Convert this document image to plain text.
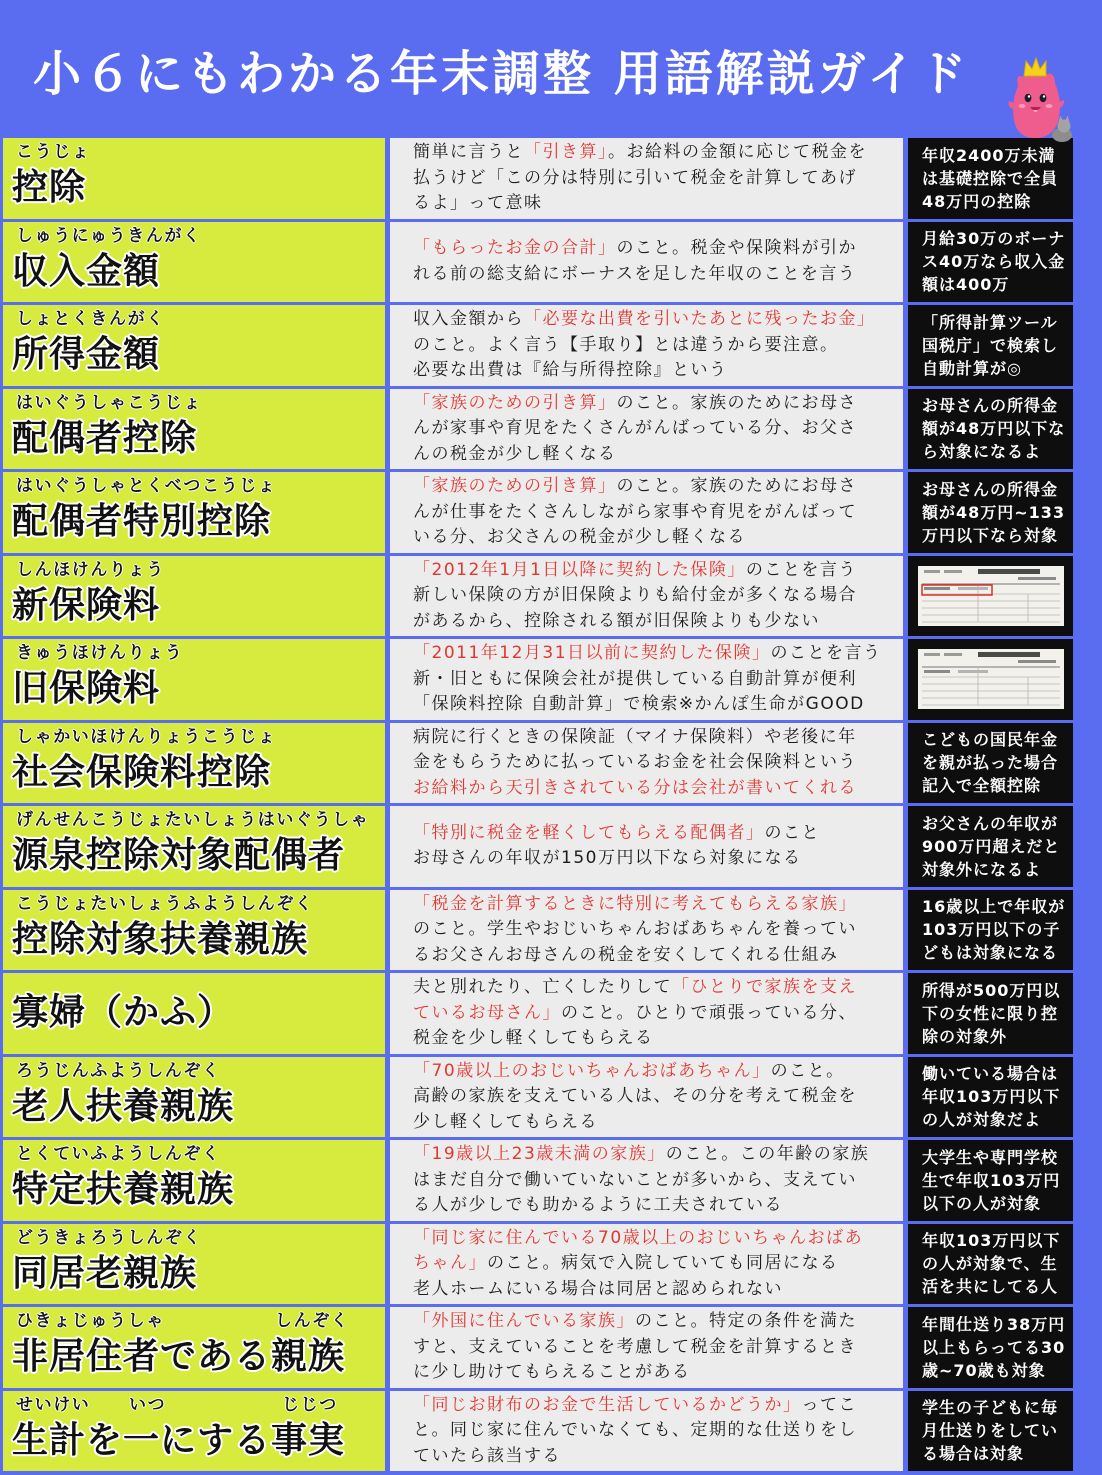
小６にもわかる年末調整 用語解説ガイド
こうじょ
控除
簡単に言うと「引き算」。お給料の金額に応じて税金を
払うけど「この分は特別に引いて税金を計算してあげ
るよ」って意味
年収2400万未満
は基礎控除で全員
48万円の控除
しゅうにゅうきんがく
収入金額
「もらったお金の合計」のこと。税金や保険料が引か
れる前の総支給にボーナスを足した年収のことを言う
月給30万のボーナ
ス40万なら収入金
額は400万
しょとくきんがく
所得金額
収入金額から「必要な出費を引いたあとに残ったお金」
のこと。よく言う【手取り】とは違うから要注意。
必要な出費は『給与所得控除』という
「所得計算ツール
国税庁」で検索し
自動計算が◎
はいぐうしゃこうじょ
配偶者控除
「家族のための引き算」のこと。家族のためにお母さ
んが家事や育児をたくさんがんばっている分、お父さ
んの税金が少し軽くなる
お母さんの所得金
額が48万円以下な
ら対象になるよ
はいぐうしゃとくべつこうじょ
配偶者特別控除
「家族のための引き算」のこと。家族のためにお母さ
んが仕事をたくさんしながら家事や育児をがんばって
いる分、お父さんの税金が少し軽くなる
お母さんの所得金
額が48万円~133
万円以下なら対象
しんほけんりょう
新保険料
「2012年1月1日以降に契約した保険」のことを言う
新しい保険の方が旧保険よりも給付金が多くなる場合
があるから、控除される額が旧保険よりも少ない
きゅうほけんりょう
旧保険料
「2011年12月31日以前に契約した保険」のことを言う
新・旧ともに保険会社が提供している自動計算が便利
「保険料控除 自動計算」で検索※かんぽ生命がGOOD
しゃかいほけんりょうこうじょ
社会保険料控除
病院に行くときの保険証（マイナ保険料）や老後に年
金をもらうために払っているお金を社会保険料という
お給料から天引きされている分は会社が書いてくれる
こどもの国民年金
を親が払った場合
記入で全額控除
げんせんこうじょたいしょうはいぐうしゃ
源泉控除対象配偶者
「特別に税金を軽くしてもらえる配偶者」のこと
お母さんの年収が150万円以下なら対象になる
お父さんの年収が
900万円超えだと
対象外になるよ
こうじょたいしょうふようしんぞく
控除対象扶養親族
「税金を計算するときに特別に考えてもらえる家族」
のこと。学生やおじいちゃんおばあちゃんを養ってい
るお父さんお母さんの税金を安くしてくれる仕組み
16歳以上で年収が
103万円以下の子
どもは対象になる
寡婦（かふ）
夫と別れたり、亡くしたりして「ひとりで家族を支え
ているお母さん」のこと。ひとりで頑張っている分、
税金を少し軽くしてもらえる
所得が500万円以
下の女性に限り控
除の対象外
ろうじんふようしんぞく
老人扶養親族
「70歳以上のおじいちゃんおばあちゃん」のこと。
高齢の家族を支えている人は、その分を考えて税金を
少し軽くしてもらえる
働いている場合は
年収103万円以下
の人が対象だよ
とくていふようしんぞく
特定扶養親族
「19歳以上23歳未満の家族」のこと。この年齢の家族
はまだ自分で働いていないことが多いから、支えてい
る人が少しでも助かるように工夫されている
大学生や専門学校
生で年収103万円
以下の人が対象
どうきょろうしんぞく
同居老親族
「同じ家に住んでいる70歳以上のおじいちゃんおばあ
ちゃん」のこと。病気で入院していても同居になる
老人ホームにいる場合は同居と認められない
年収103万円以下
の人が対象で、生
活を共にしてる人
ひきょじゅうしゃ	しんぞく
非居住者である親族
「外国に住んでいる家族」のこと。特定の条件を満た
すと、支えていることを考慮して税金を計算するとき
に少し助けてもらえることがある
年間仕送り38万円
以上もらってる30
歳~70歳も対象
せいけい いつ	じじつ
生計を一にする事実
「同じお財布のお金で生活しているかどうか」ってこ
と。同じ家に住んでいなくても、定期的な仕送りをし
ていたら該当する
学生の子どもに毎
月仕送りをしてい
る場合は対象
